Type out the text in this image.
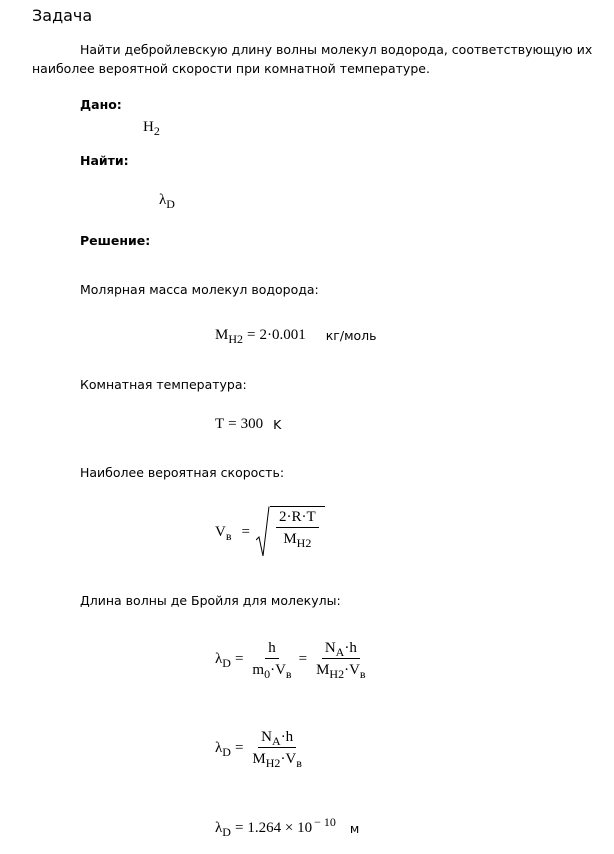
Задача
Найти дебройлевскую длину волны молекул водорода, соответствующую их
наиболее вероятной скорости при комнатной температуре.
Дано:
$H_2$
Найти:
$\lambda_D$
Решение:
Молярная масса молекул водорода:
$M_{H2} = 2\cdot 0.001$ кг/моль
Комнатная температура:
T = 300 K
Наиболее вероятная скорость:
$V_в = \frac{2\cdot R\cdot T}{M_{H2}}$
Длина волны де Бройля для молекулы:
$\lambda_D = \frac{h}{m_0\cdot V_в} = \frac{N_A\cdot h}{M_{H2}\cdot V_в}$
$\lambda_D = \frac{N_A\cdot h}{M_{H2}\cdot V_в}$
$\lambda_D = 1.264 \times 10$ $^{- 10}$ м
